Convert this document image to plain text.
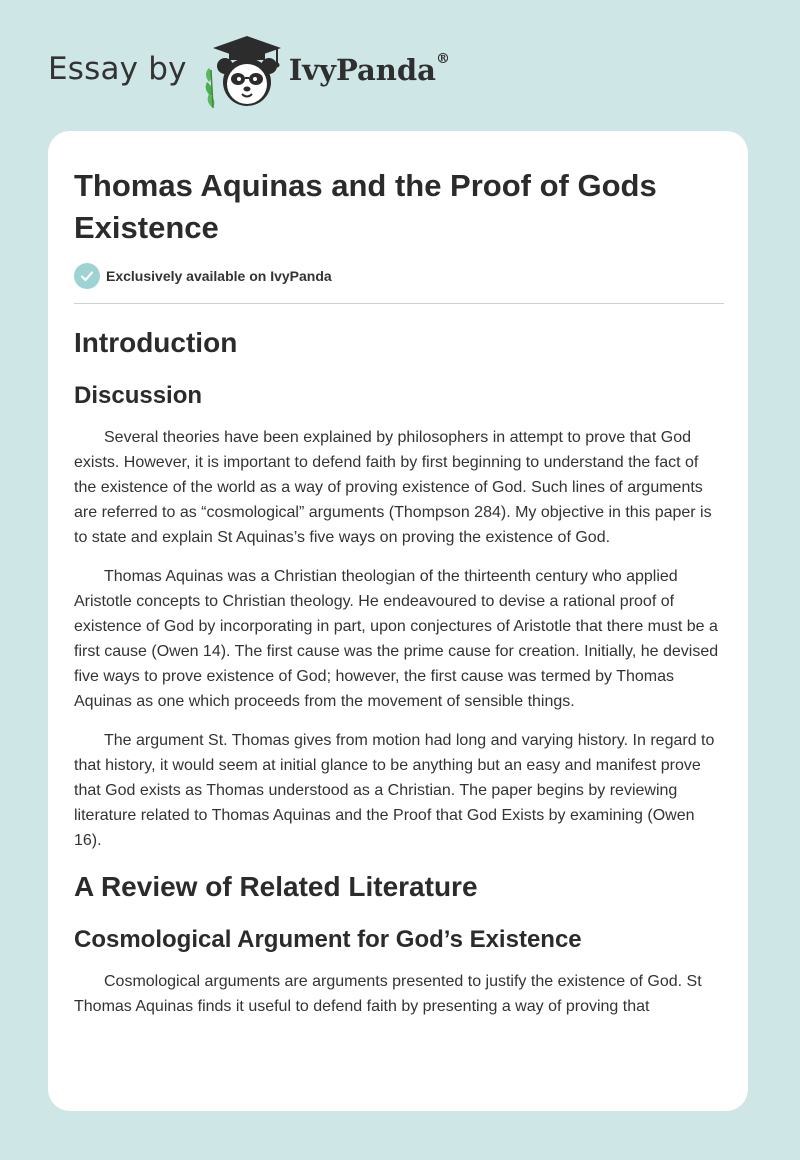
Essay by	IvyPanda®
Thomas Aquinas and the Proof of Gods Existence
Exclusively available on IvyPanda
Introduction
Discussion

Several theories have been explained by philosophers in attempt to prove that God exists. However, it is important to defend faith by first beginning to understand the fact of the existence of the world as a way of proving existence of God. Such lines of arguments are referred to as “cosmological” arguments (Thompson 284). My objective in this paper is to state and explain St Aquinas’s five ways on proving the existence of God.

Thomas Aquinas was a Christian theologian of the thirteenth century who applied Aristotle concepts to Christian theology. He endeavoured to devise a rational proof of existence of God by incorporating in part, upon conjectures of Aristotle that there must be a first cause (Owen 14). The first cause was the prime cause for creation. Initially, he devised five ways to prove existence of God; however, the first cause was termed by Thomas Aquinas as one which proceeds from the movement of sensible things.

The argument St. Thomas gives from motion had long and varying history. In regard to that history, it would seem at initial glance to be anything but an easy and manifest prove that God exists as Thomas understood as a Christian. The paper begins by reviewing literature related to Thomas Aquinas and the Proof that God Exists by examining (Owen 16).

A Review of Related Literature
Cosmological Argument for God’s Existence

Cosmological arguments are arguments presented to justify the existence of God. St Thomas Aquinas finds it useful to defend faith by presenting a way of proving that
